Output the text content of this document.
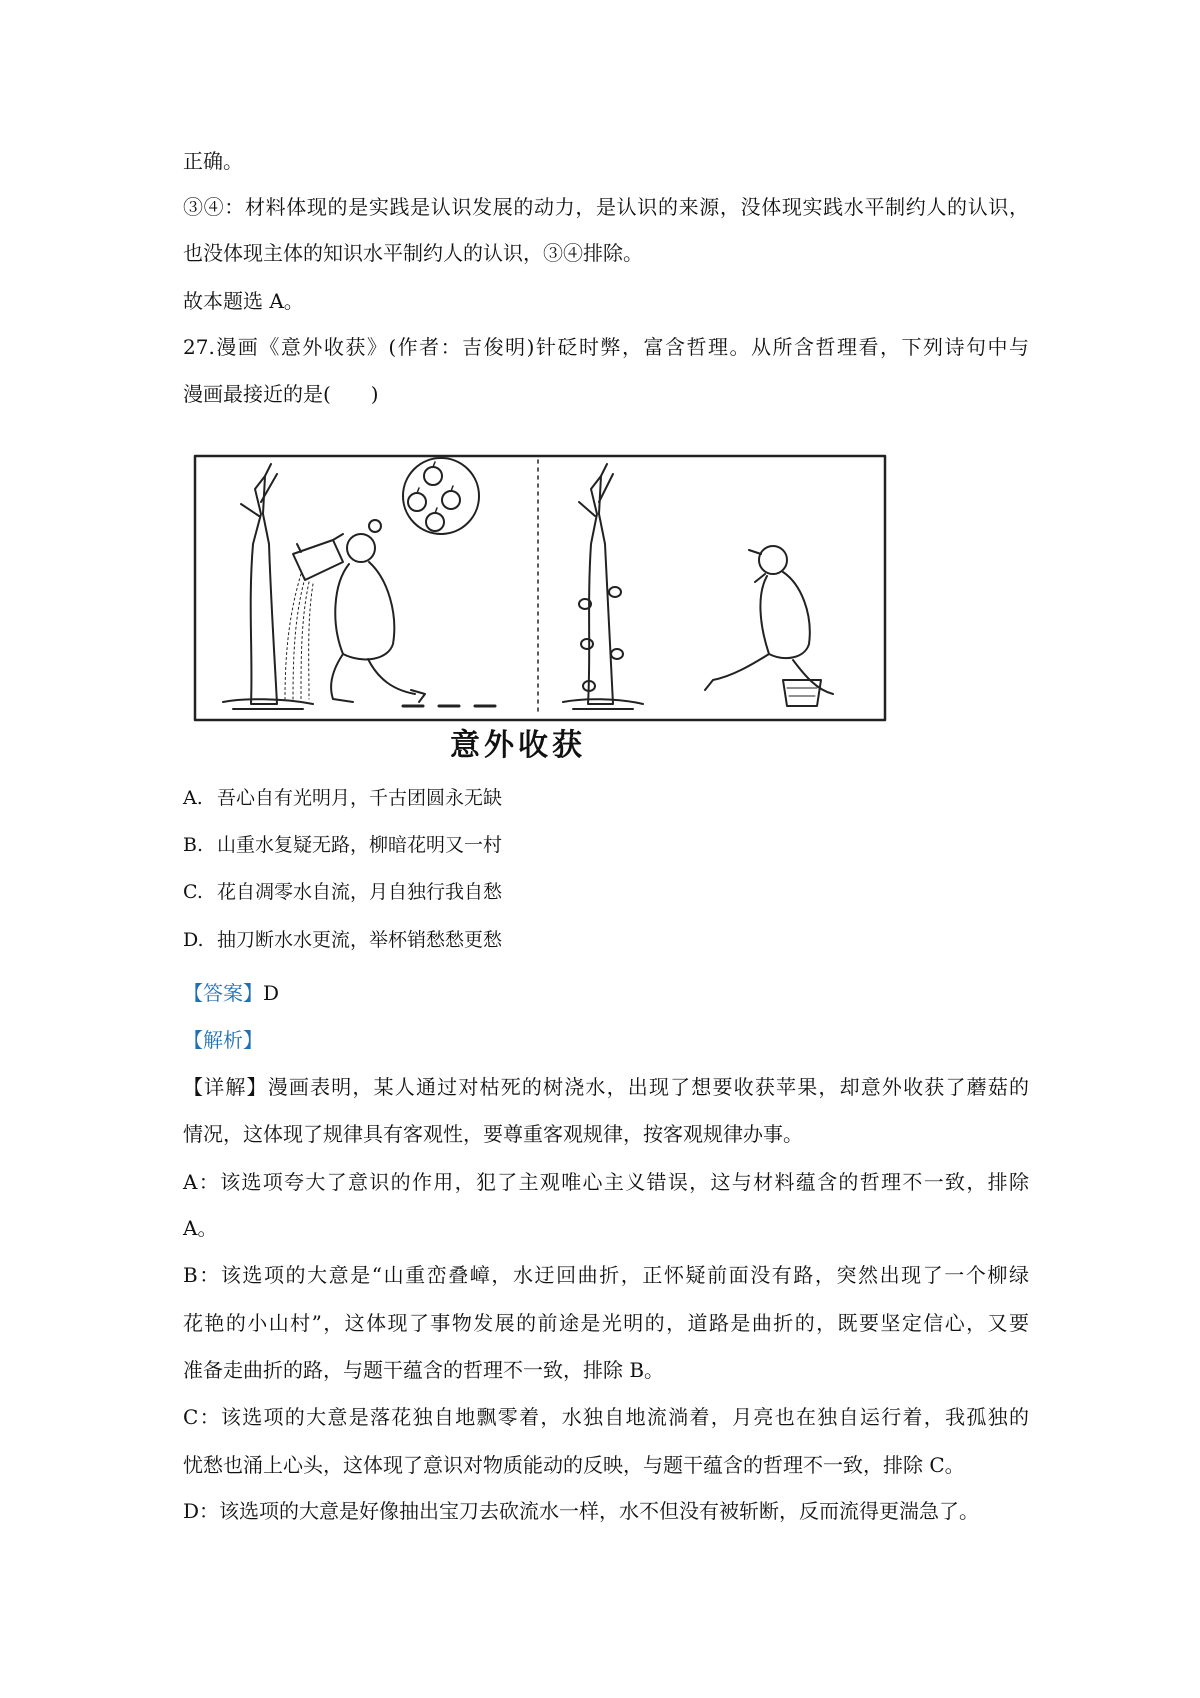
正确。
③④：材料体现的是实践是认识发展的动力，是认识的来源，没体现实践水平制约人的认识，
也没体现主体的知识水平制约人的认识，③④排除。
故本题选 A。
27.漫画《意外收获》(作者：吉俊明)针砭时弊，富含哲理。从所含哲理看，下列诗句中与
漫画最接近的是(　　)
意外收获
A. 吾心自有光明月，千古团圆永无缺
B. 山重水复疑无路，柳暗花明又一村
C. 花自凋零水自流，月自独行我自愁
D. 抽刀断水水更流，举杯销愁愁更愁
【答案】D
【解析】
【详解】漫画表明，某人通过对枯死的树浇水，出现了想要收获苹果，却意外收获了蘑菇的
情况，这体现了规律具有客观性，要尊重客观规律，按客观规律办事。
A：该选项夸大了意识的作用，犯了主观唯心主义错误，这与材料蕴含的哲理不一致，排除
A。
B：该选项的大意是“山重峦叠嶂，水迂回曲折，正怀疑前面没有路，突然出现了一个柳绿
花艳的小山村”，这体现了事物发展的前途是光明的，道路是曲折的，既要坚定信心，又要
准备走曲折的路，与题干蕴含的哲理不一致，排除 B。
C：该选项的大意是落花独自地飘零着，水独自地流淌着，月亮也在独自运行着，我孤独的
忧愁也涌上心头，这体现了意识对物质能动的反映，与题干蕴含的哲理不一致，排除 C。
D：该选项的大意是好像抽出宝刀去砍流水一样，水不但没有被斩断，反而流得更湍急了。
